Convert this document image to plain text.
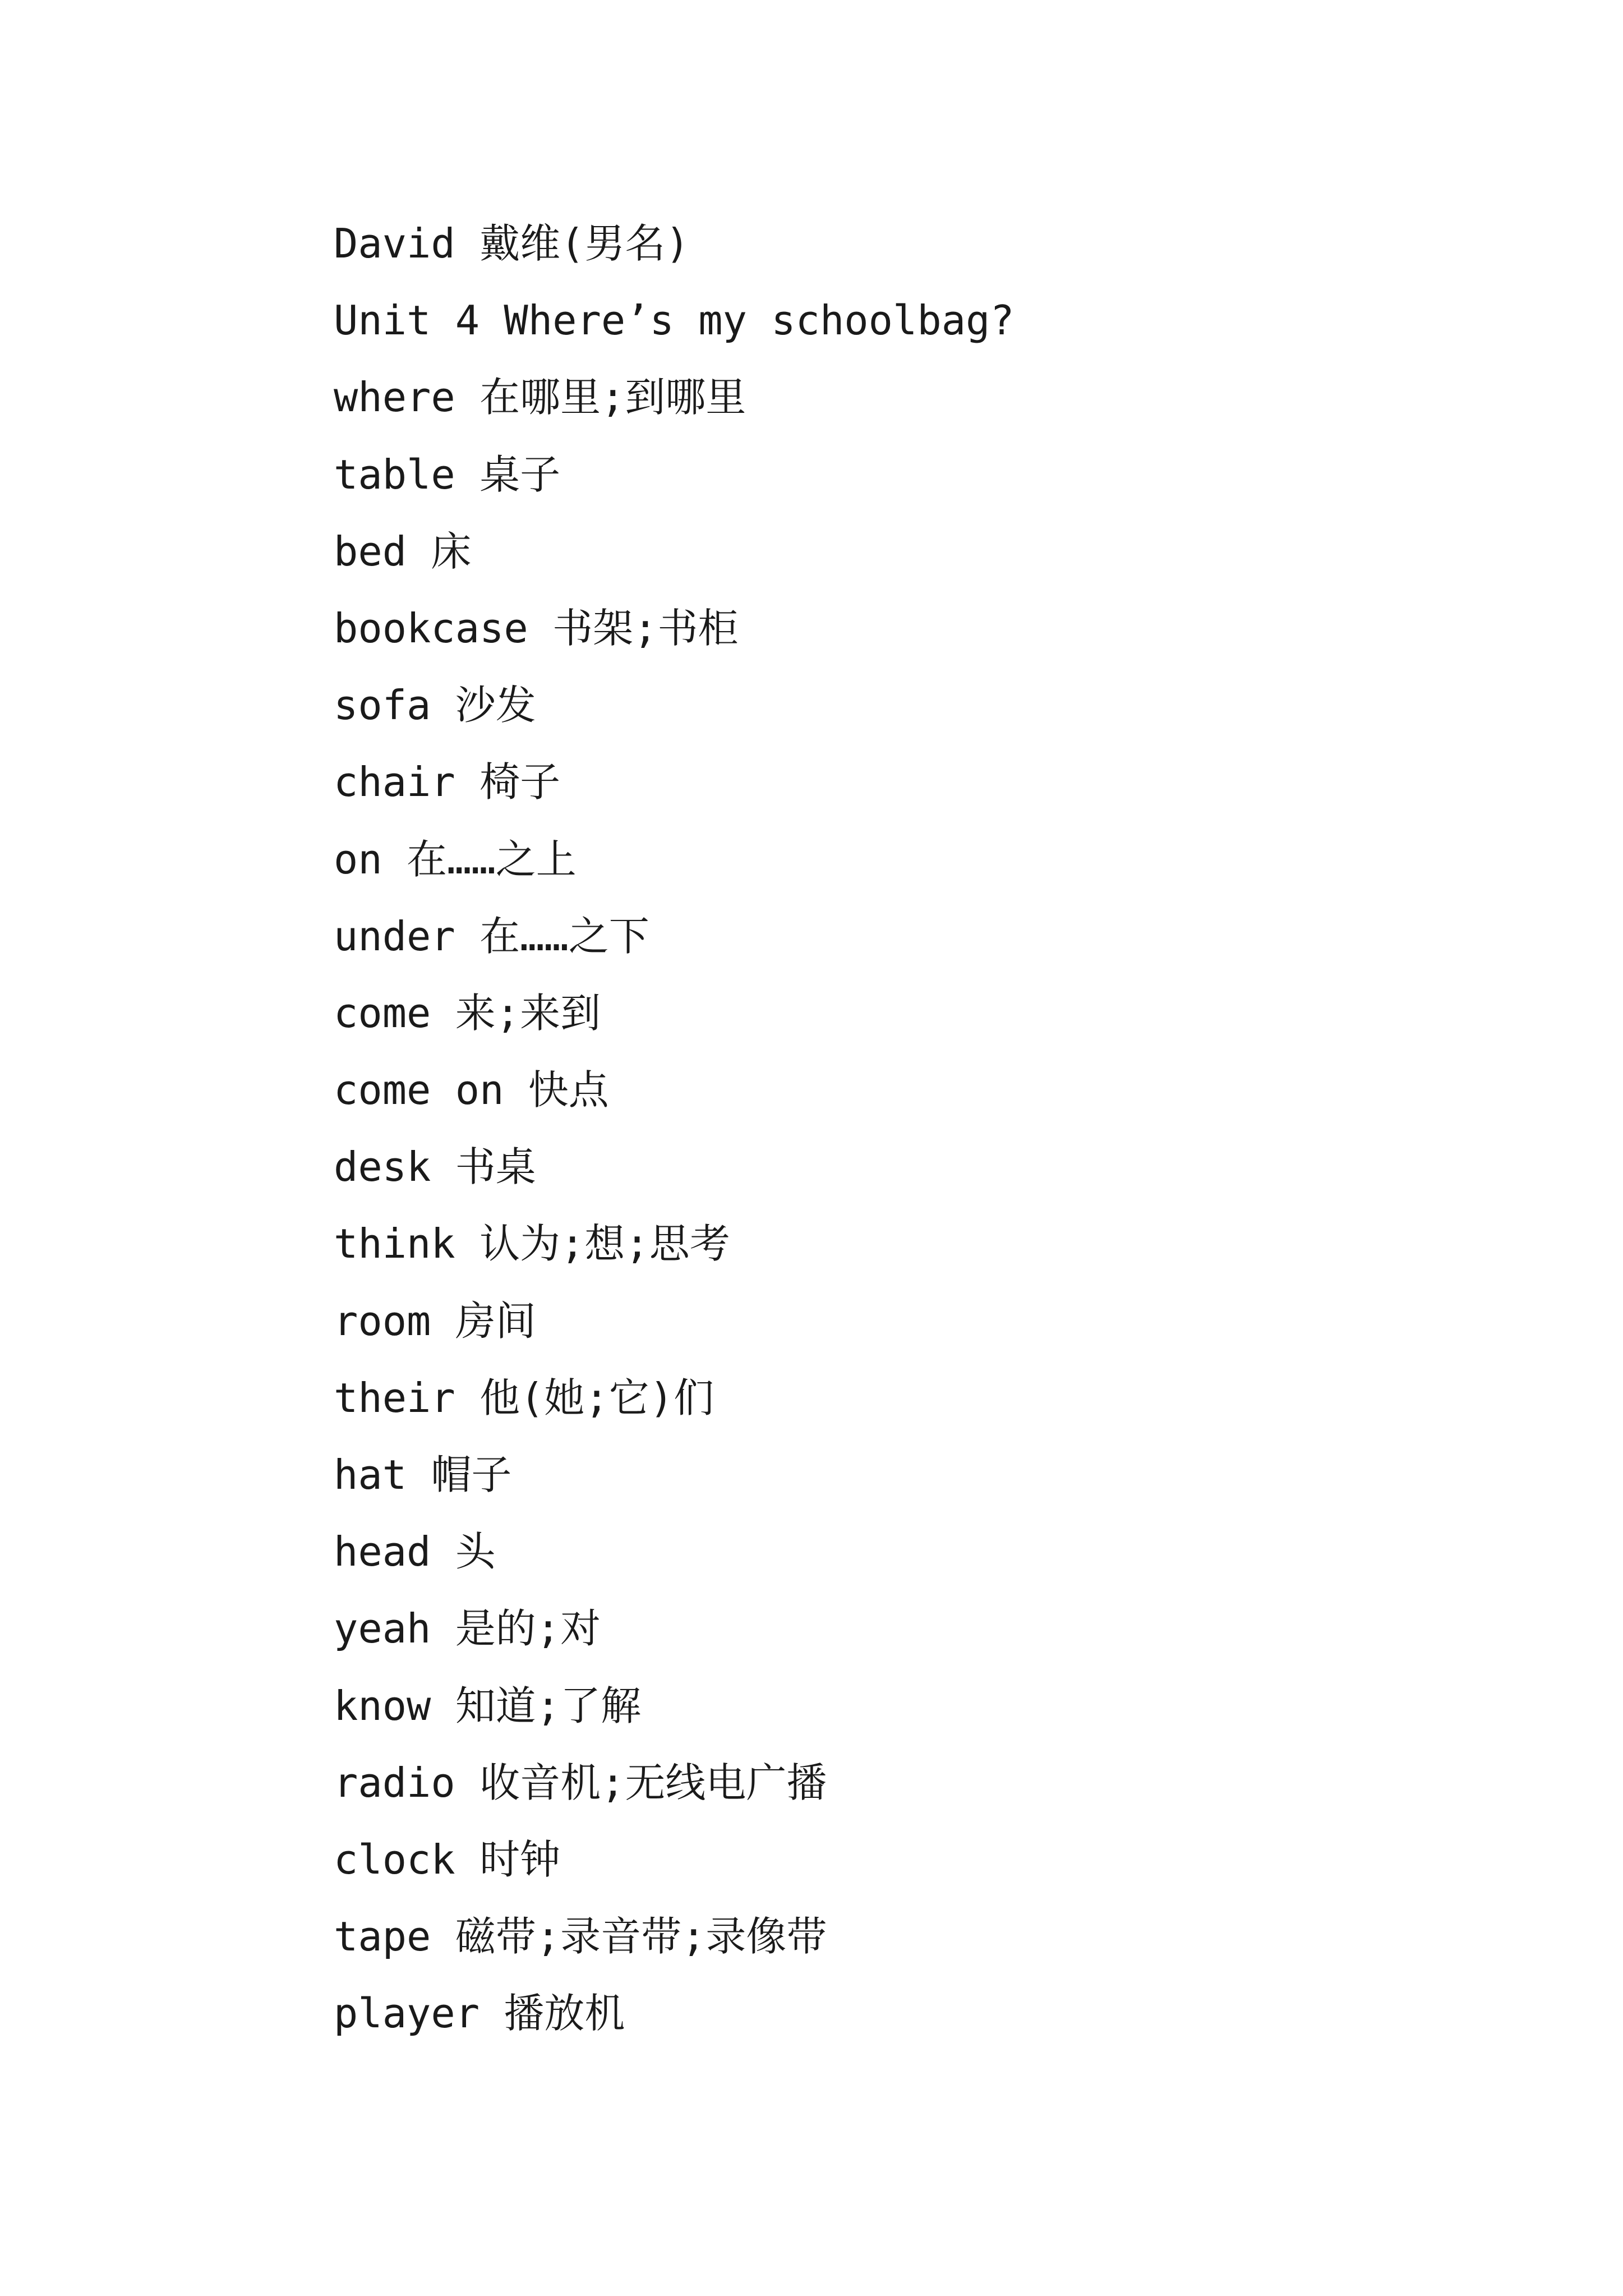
David 戴维(男名)
Unit 4 Where’s my schoolbag?
where 在哪里;到哪里
table 桌子
bed 床
bookcase 书架;书柜
sofa 沙发
chair 椅子
on 在……之上
under 在……之下
come 来;来到
come on 快点
desk 书桌
think 认为;想;思考
room 房间
their 他(她;它)们
hat 帽子
head 头
yeah 是的;对
know 知道;了解
radio 收音机;无线电广播
clock 时钟
tape 磁带;录音带;录像带
player 播放机
